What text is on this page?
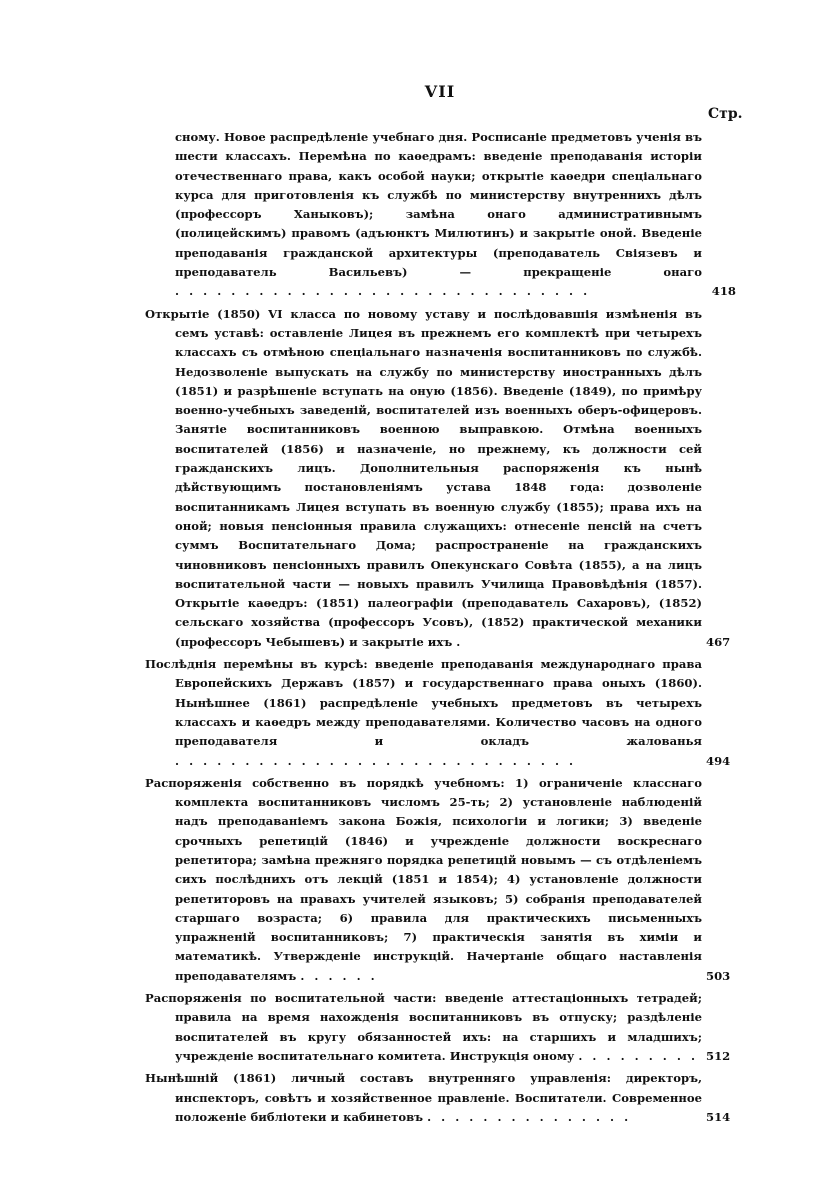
VII
Стр.
сному. Новое распредѣленіе учебнаго дня. Росписаніе предметовъ ученія въ шести классахъ. Перемѣна по каѳедрамъ: введеніе преподаванія исторіи отечественнаго права, какъ особой науки; открытіе каѳедри спеціальнаго курса для приготовленія къ службѣ по министерству внутреннихъ дѣлъ (профессоръ Ханыковъ); замѣна онаго административнымъ (полицейскимъ) правомъ (адъюнктъ Милютинъ) и закрытіе оной. Введеніе преподаванія гражданской архитектуры (преподаватель Свіязевъ и преподаватель Васильевъ) — прекращеніе онаго . . . . . . . . . . . . . . . . . . . . . . . . . . . . . .	418
Открытіе (1850) VI класса по новому уставу и послѣдовавшія измѣненія въ семъ уставѣ: оставленіе Лицея въ прежнемъ его комплектѣ при четырехъ классахъ съ отмѣною спеціальнаго назначенія воспитанниковъ по службѣ. Недозволеніе выпускать на службу по министерству иностранныхъ дѣлъ (1851) и разрѣшеніе вступать на оную (1856). Введеніе (1849), по примѣру военно-учебныхъ заведеній, воспитателей изъ военныхъ оберъ-офицеровъ. Занятіе воспитанниковъ военною выправкою. Отмѣна военныхъ воспитателей (1856) и назначеніе, но прежнему, къ должности сей гражданскихъ лицъ. Дополнительныя распоряженія къ нынѣ дѣйствующимъ постановленіямъ устава 1848 года: дозволеніе воспитанникамъ Лицея вступать въ военную службу (1855); права ихъ на оной; новыя пенсіонныя правила служащихъ: отнесеніе пенсій на счетъ суммъ Воспитательнаго Дома; распространеніе на гражданскихъ чиновниковъ пенсіонныхъ правилъ Опекунскаго Совѣта (1855), а на лицъ воспитательной части — новыхъ правилъ Училища Правовѣдѣнія (1857). Открытіе каѳедръ: (1851) палеографіи (преподаватель Сахаровъ), (1852) сельскаго хозяйства (профессоръ Усовъ), (1852) практической механики (профессоръ Чебышевъ) и закрытіе ихъ .	467
Послѣднія перемѣны въ курсѣ: введеніе преподаванія международнаго права Европейскихъ Державъ (1857) и государственнаго права оныхъ (1860). Нынѣшнее (1861) распредѣленіе учебныхъ предметовъ въ четырехъ классахъ и каѳедръ между преподавателями. Количество часовъ на одного преподавателя и окладъ жалованья . . . . . . . . . . . . . . . . . . . . . . . . . . . . .	494
Распоряженія собственно въ порядкѣ учебномъ: 1) ограниченіе класснаго комплекта воспитанниковъ числомъ 25-ть; 2) установленіе наблюденій надъ преподаваніемъ закона Божія, психологіи и логики; 3) введеніе срочныхъ репетицій (1846) и учрежденіе должности воскреснаго репетитора; замѣна прежняго порядка репетицій новымъ — съ отдѣленіемъ сихъ послѣднихъ отъ лекцій (1851 и 1854); 4) установленіе должности репетиторовъ на правахъ учителей языковъ; 5) собранія преподавателей старшаго возраста; 6) правила для практическихъ письменныхъ упражненій воспитанниковъ; 7) практическія занятія въ химіи и математикѣ. Утвержденіе инструкцій. Начертаніе общаго наставленія преподавателямъ . . . . . .	503
Распоряженія по воспитательной части: введеніе аттестаціонныхъ тетрадей; правила на время нахожденія воспитанниковъ въ отпуску; раздѣленіе воспитателей въ кругу обязанностей ихъ: на старшихъ и младшихъ; учрежденіе воспитательнаго комитета. Инструкція оному . . . . . . . . . 512
Нынѣшній (1861) личный составъ внутренняго управленія: директоръ, инспекторъ, совѣтъ и хозяйственное правленіе. Воспитатели. Современное положеніе библіотеки и кабинетовъ . . . . . . . . . . . . . . .	514
